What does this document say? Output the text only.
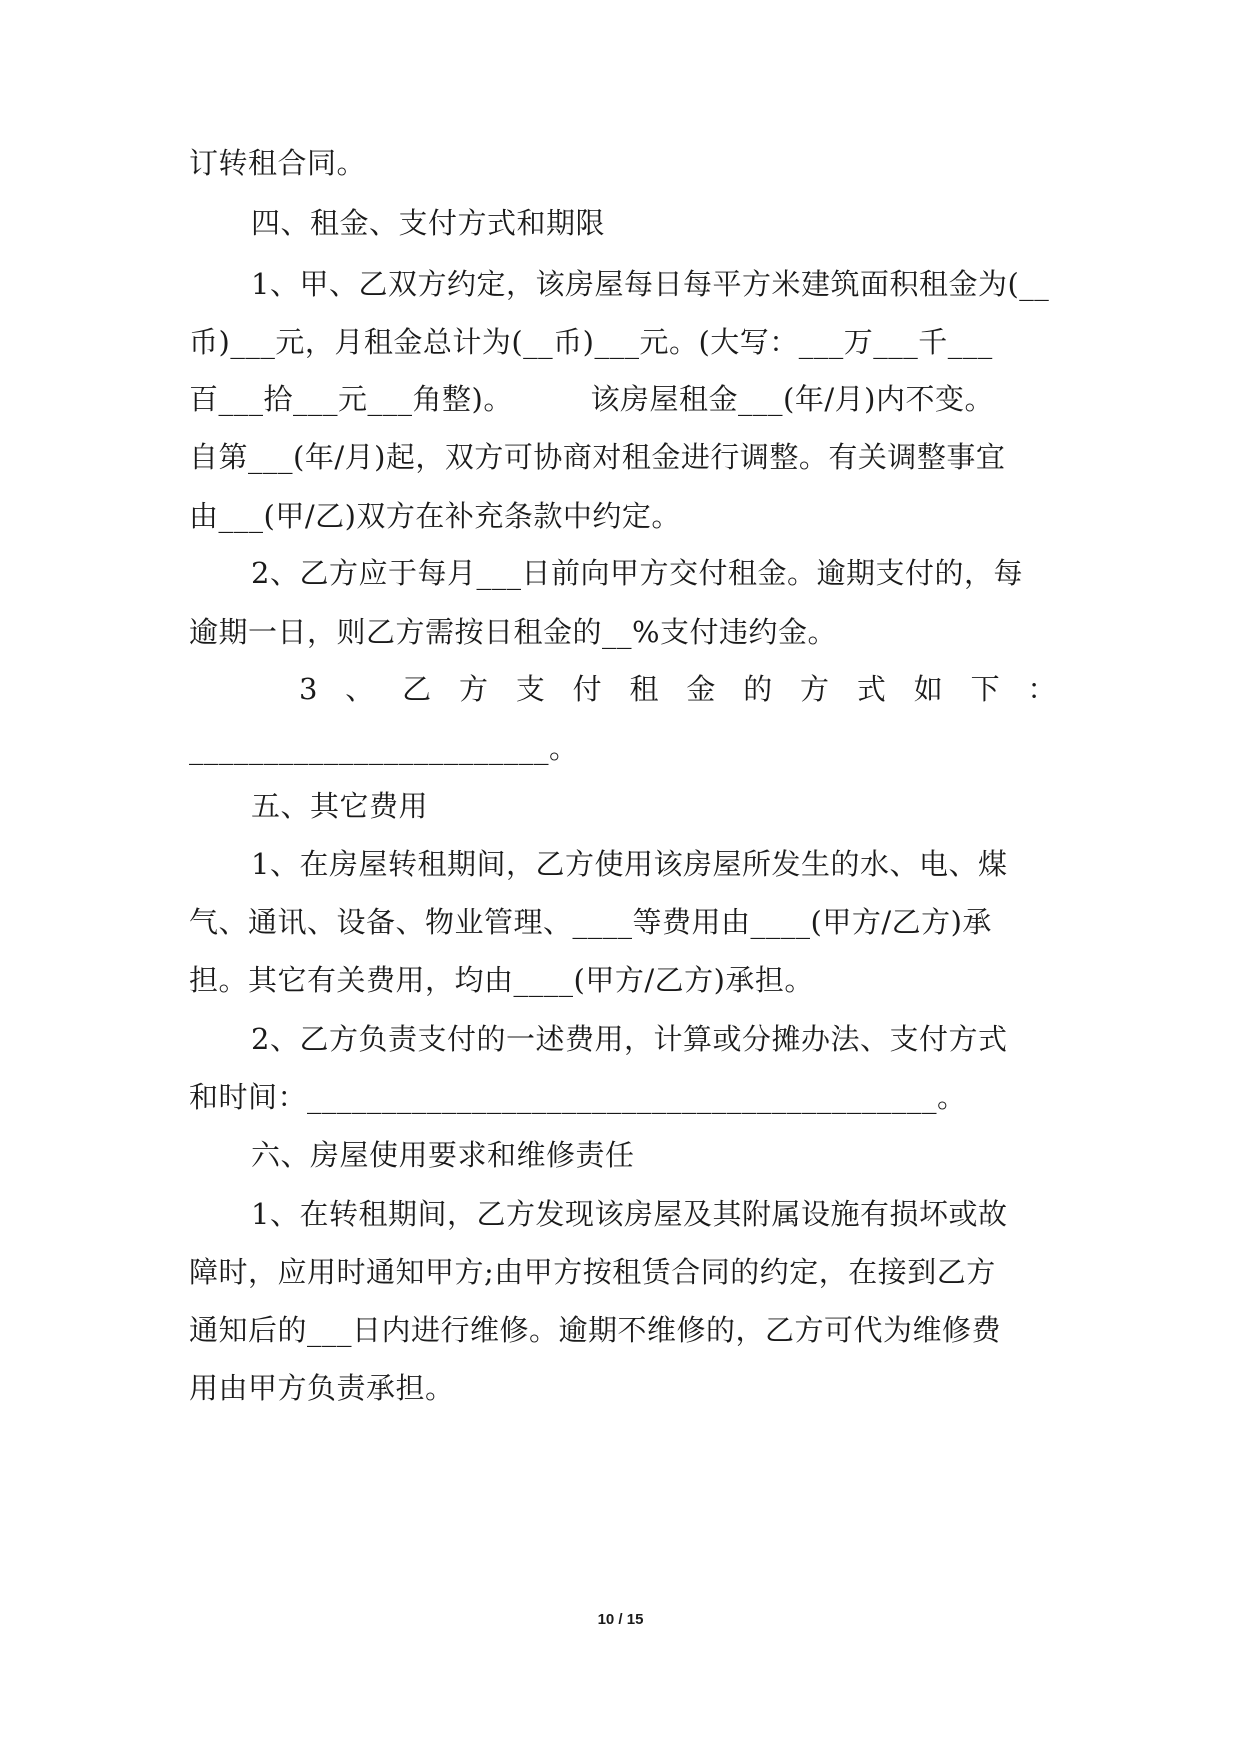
订转租合同。
四、租金、支付方式和期限
1、甲、乙双方约定，该房屋每日每平方米建筑面积租金为(__
币)___元，月租金总计为(__币)___元。(大写：___万___千___
百___拾___元___角整)。        该房屋租金___(年/月)内不变。
自第___(年/月)起，双方可协商对租金进行调整。有关调整事宜
由___(甲/乙)双方在补充条款中约定。
2、乙方应于每月___日前向甲方交付租金。逾期支付的，每
逾期一日，则乙方需按日租金的__%支付违约金。
3 、 乙 方 支 付 租 金 的 方 式 如 下 ：
________________________。
五、其它费用
1、在房屋转租期间，乙方使用该房屋所发生的水、电、煤
气、通讯、设备、物业管理、____等费用由____(甲方/乙方)承
担。其它有关费用，均由____(甲方/乙方)承担。
2、乙方负责支付的一述费用，计算或分摊办法、支付方式
和时间：__________________________________________。
六、房屋使用要求和维修责任
1、在转租期间，乙方发现该房屋及其附属设施有损坏或故
障时，应用时通知甲方;由甲方按租赁合同的约定，在接到乙方
通知后的___日内进行维修。逾期不维修的，乙方可代为维修费
用由甲方负责承担。
10 / 15
